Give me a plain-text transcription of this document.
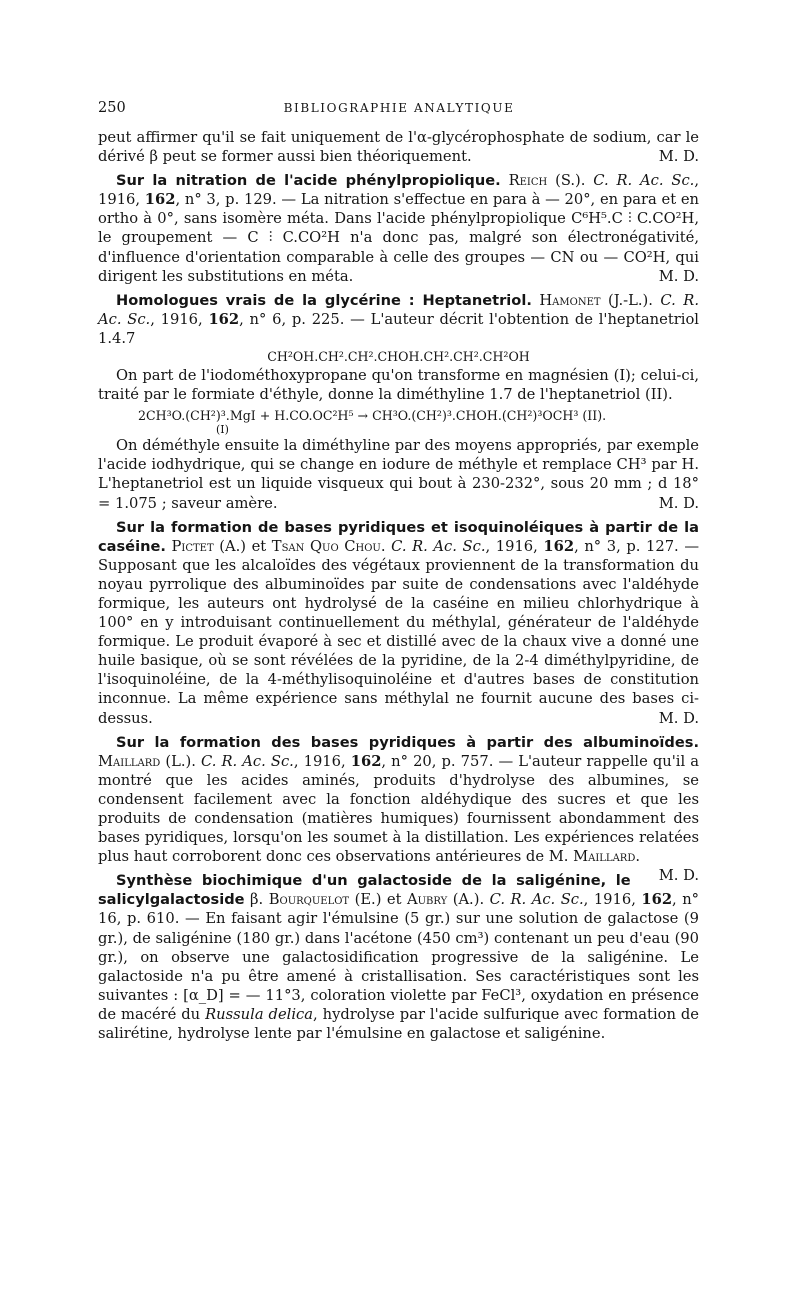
250	BIBLIOGRAPHIE ANALYTIQUE

peut affirmer qu'il se fait uniquement de l'α-glycérophosphate de sodium, car le dérivé β peut se former aussi bien théoriquement.	M. D.

Sur la nitration de l'acide phénylpropiolique. Reich (S.). C. R. Ac. Sc., 1916, 162, n° 3, p. 129. — La nitration s'effectue en para à — 20°, en para et en ortho à 0°, sans isomère méta. Dans l'acide phénylpropiolique C⁶H⁵.C ⫶ C.CO²H, le groupement — C ⫶ C.CO²H n'a donc pas, malgré son électronégativité, d'influence d'orientation comparable à celle des groupes — CN ou — CO²H, qui dirigent les substitutions en méta.	M. D.

Homologues vrais de la glycérine : Heptanetriol. Hamonet (J.-L.). C. R. Ac. Sc., 1916, 162, n° 6, p. 225. — L'auteur décrit l'obtention de l'heptanetriol 1.4.7

CH²OH.CH².CH².CHOH.CH².CH².CH²OH

On part de l'iodométhoxypropane qu'on transforme en magnésien (I); celui-ci, traité par le formiate d'éthyle, donne la diméthyline 1.7 de l'heptanetriol (II).

2CH³O.(CH²)³.MgI + H.CO.OC²H⁵ → CH³O.(CH²)³.CHOH.(CH²)³OCH³ (II).
(I)

On déméthyle ensuite la diméthyline par des moyens appropriés, par exemple l'acide iodhydrique, qui se change en iodure de méthyle et remplace CH³ par H. L'heptanetriol est un liquide visqueux qui bout à 230-232°, sous 20 mm ; d 18° = 1.075 ; saveur amère.	M. D.

Sur la formation de bases pyridiques et isoquinoléiques à partir de la caséine. Pictet (A.) et Tsan Quo Chou. C. R. Ac. Sc., 1916, 162, n° 3, p. 127. — Supposant que les alcaloïdes des végétaux proviennent de la transformation du noyau pyrrolique des albuminoïdes par suite de condensations avec l'aldéhyde formique, les auteurs ont hydrolysé de la caséine en milieu chlorhydrique à 100° en y introduisant continuellement du méthylal, générateur de l'aldéhyde formique. Le produit évaporé à sec et distillé avec de la chaux vive a donné une huile basique, où se sont révélées de la pyridine, de la 2-4 diméthylpyridine, de l'isoquinoléine, de la 4-méthylisoquinoléine et d'autres bases de constitution inconnue. La même expérience sans méthylal ne fournit aucune des bases ci-dessus.	M. D.

Sur la formation des bases pyridiques à partir des albuminoïdes. Maillard (L.). C. R. Ac. Sc., 1916, 162, n° 20, p. 757. — L'auteur rappelle qu'il a montré que les acides aminés, produits d'hydrolyse des albumines, se condensent facilement avec la fonction aldéhydique des sucres et que les produits de condensation (matières humiques) fournissent abondamment des bases pyridiques, lorsqu'on les soumet à la distillation. Les expériences relatées plus haut corroborent donc ces observations antérieures de M. Maillard.
M. D.

Synthèse biochimique d'un galactoside de la saligénine, le salicylgalactoside β. Bourquelot (E.) et Aubry (A.). C. R. Ac. Sc., 1916, 162, n° 16, p. 610. — En faisant agir l'émulsine (5 gr.) sur une solution de galactose (9 gr.), de saligénine (180 gr.) dans l'acétone (450 cm³) contenant un peu d'eau (90 gr.), on observe une galactosidification progressive de la saligénine. Le galactoside n'a pu être amené à cristallisation. Ses caractéristiques sont les suivantes : [α_D] = — 11°3, coloration violette par FeCl³, oxydation en présence de macéré du Russula delica, hydrolyse par l'acide sulfurique avec formation de salirétine, hydrolyse lente par l'émulsine en galactose et saligénine.
